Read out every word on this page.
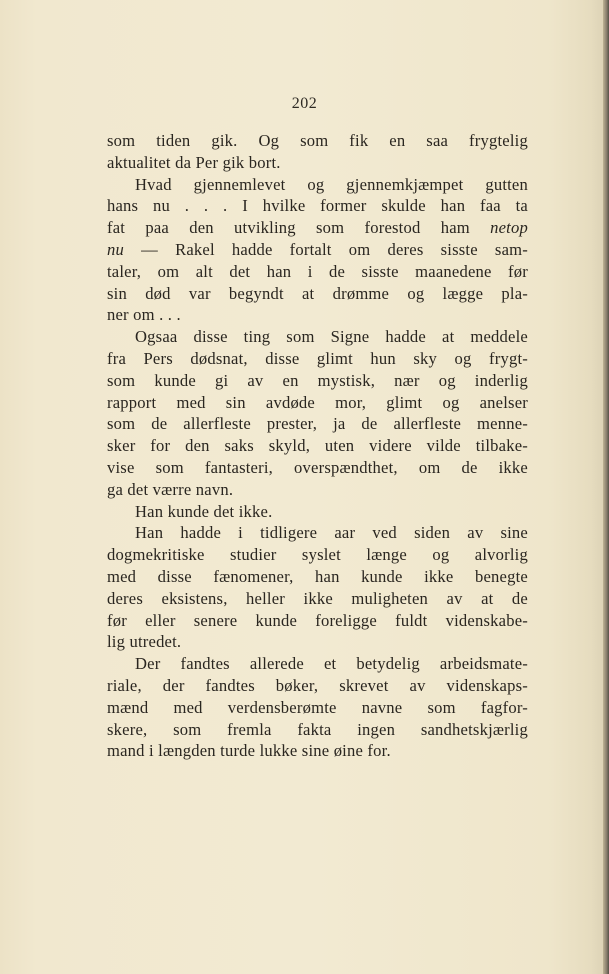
202
som tiden gik. Og som fik en saa frygtelig
aktualitet da Per gik bort.
Hvad gjennemlevet og gjennemkjæmpet gutten
hans nu . . . I hvilke former skulde han faa ta
fat paa den utvikling som forestod ham netop
nu — Rakel hadde fortalt om deres sisste sam-
taler, om alt det han i de sisste maanedene før
sin død var begyndt at drømme og lægge pla-
ner om . . .
Ogsaa disse ting som Signe hadde at meddele
fra Pers dødsnat, disse glimt hun sky og frygt-
som kunde gi av en mystisk, nær og inderlig
rapport med sin avdøde mor, glimt og anelser
som de allerfleste prester, ja de allerfleste menne-
sker for den saks skyld, uten videre vilde tilbake-
vise som fantasteri, overspændthet, om de ikke
ga det værre navn.
Han kunde det ikke.
Han hadde i tidligere aar ved siden av sine
dogmekritiske studier syslet længe og alvorlig
med disse fænomener, han kunde ikke benegte
deres eksistens, heller ikke muligheten av at de
før eller senere kunde foreligge fuldt videnskabe-
lig utredet.
Der fandtes allerede et betydelig arbeidsmate-
riale, der fandtes bøker, skrevet av videnskaps-
mænd med verdensberømte navne som fagfor-
skere, som fremla fakta ingen sandhetskjærlig
mand i længden turde lukke sine øine for.
